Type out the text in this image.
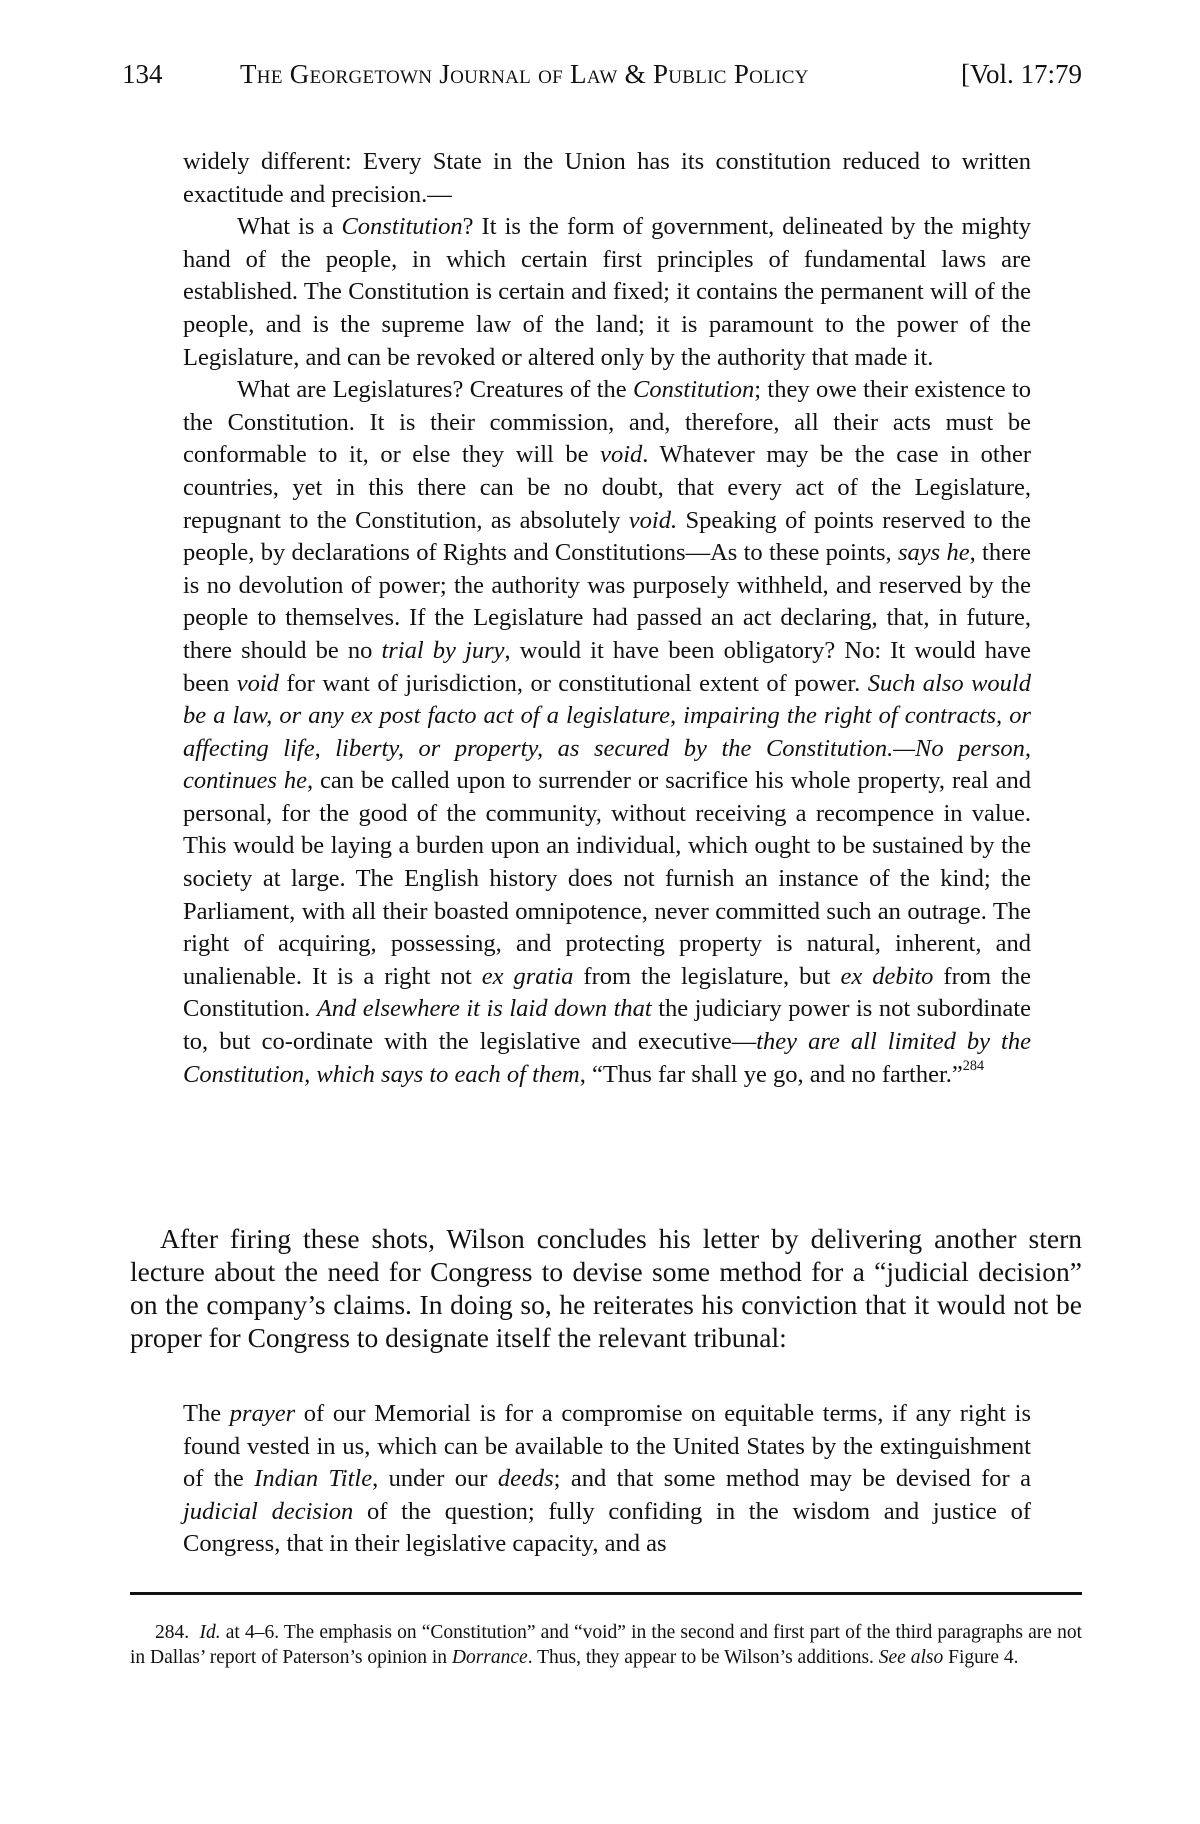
134	The Georgetown Journal of Law & Public Policy	[Vol. 17:79

widely different: Every State in the Union has its constitution reduced to written exactitude and precision.—

What is a Constitution? It is the form of government, delineated by the mighty hand of the people, in which certain first principles of fundamental laws are established. The Constitution is certain and fixed; it contains the permanent will of the people, and is the supreme law of the land; it is paramount to the power of the Legislature, and can be revoked or altered only by the authority that made it.

What are Legislatures? Creatures of the Constitution; they owe their existence to the Constitution. It is their commission, and, therefore, all their acts must be conformable to it, or else they will be void. Whatever may be the case in other countries, yet in this there can be no doubt, that every act of the Legislature, repugnant to the Constitution, as absolutely void. Speaking of points reserved to the people, by declarations of Rights and Constitutions—As to these points, says he, there is no devolution of power; the authority was purposely withheld, and reserved by the people to themselves. If the Legislature had passed an act declaring, that, in future, there should be no trial by jury, would it have been obligatory? No: It would have been void for want of jurisdiction, or constitutional extent of power. Such also would be a law, or any ex post facto act of a legislature, impairing the right of contracts, or affecting life, liberty, or property, as secured by the Constitution.—No person, continues he, can be called upon to surrender or sacrifice his whole property, real and personal, for the good of the community, without receiving a recompence in value. This would be laying a burden upon an individual, which ought to be sustained by the society at large. The English history does not furnish an instance of the kind; the Parliament, with all their boasted omnipotence, never committed such an outrage. The right of acquiring, possessing, and protecting property is natural, inherent, and unalienable. It is a right not ex gratia from the legislature, but ex debito from the Constitution. And elsewhere it is laid down that the judiciary power is not subordinate to, but co-ordinate with the legislative and executive—they are all limited by the Constitution, which says to each of them, “Thus far shall ye go, and no farther.”$^{284}$

After firing these shots, Wilson concludes his letter by delivering another stern lecture about the need for Congress to devise some method for a “judicial decision” on the company’s claims. In doing so, he reiterates his conviction that it would not be proper for Congress to designate itself the relevant tribunal:

The prayer of our Memorial is for a compromise on equitable terms, if any right is found vested in us, which can be available to the United States by the extinguishment of the Indian Title, under our deeds; and that some method may be devised for a judicial decision of the question; fully confiding in the wisdom and justice of Congress, that in their legislative capacity, and as

284.  Id. at 4–6. The emphasis on “Constitution” and “void” in the second and first part of the third paragraphs are not in Dallas’ report of Paterson’s opinion in Dorrance. Thus, they appear to be Wilson’s additions. See also Figure 4.
